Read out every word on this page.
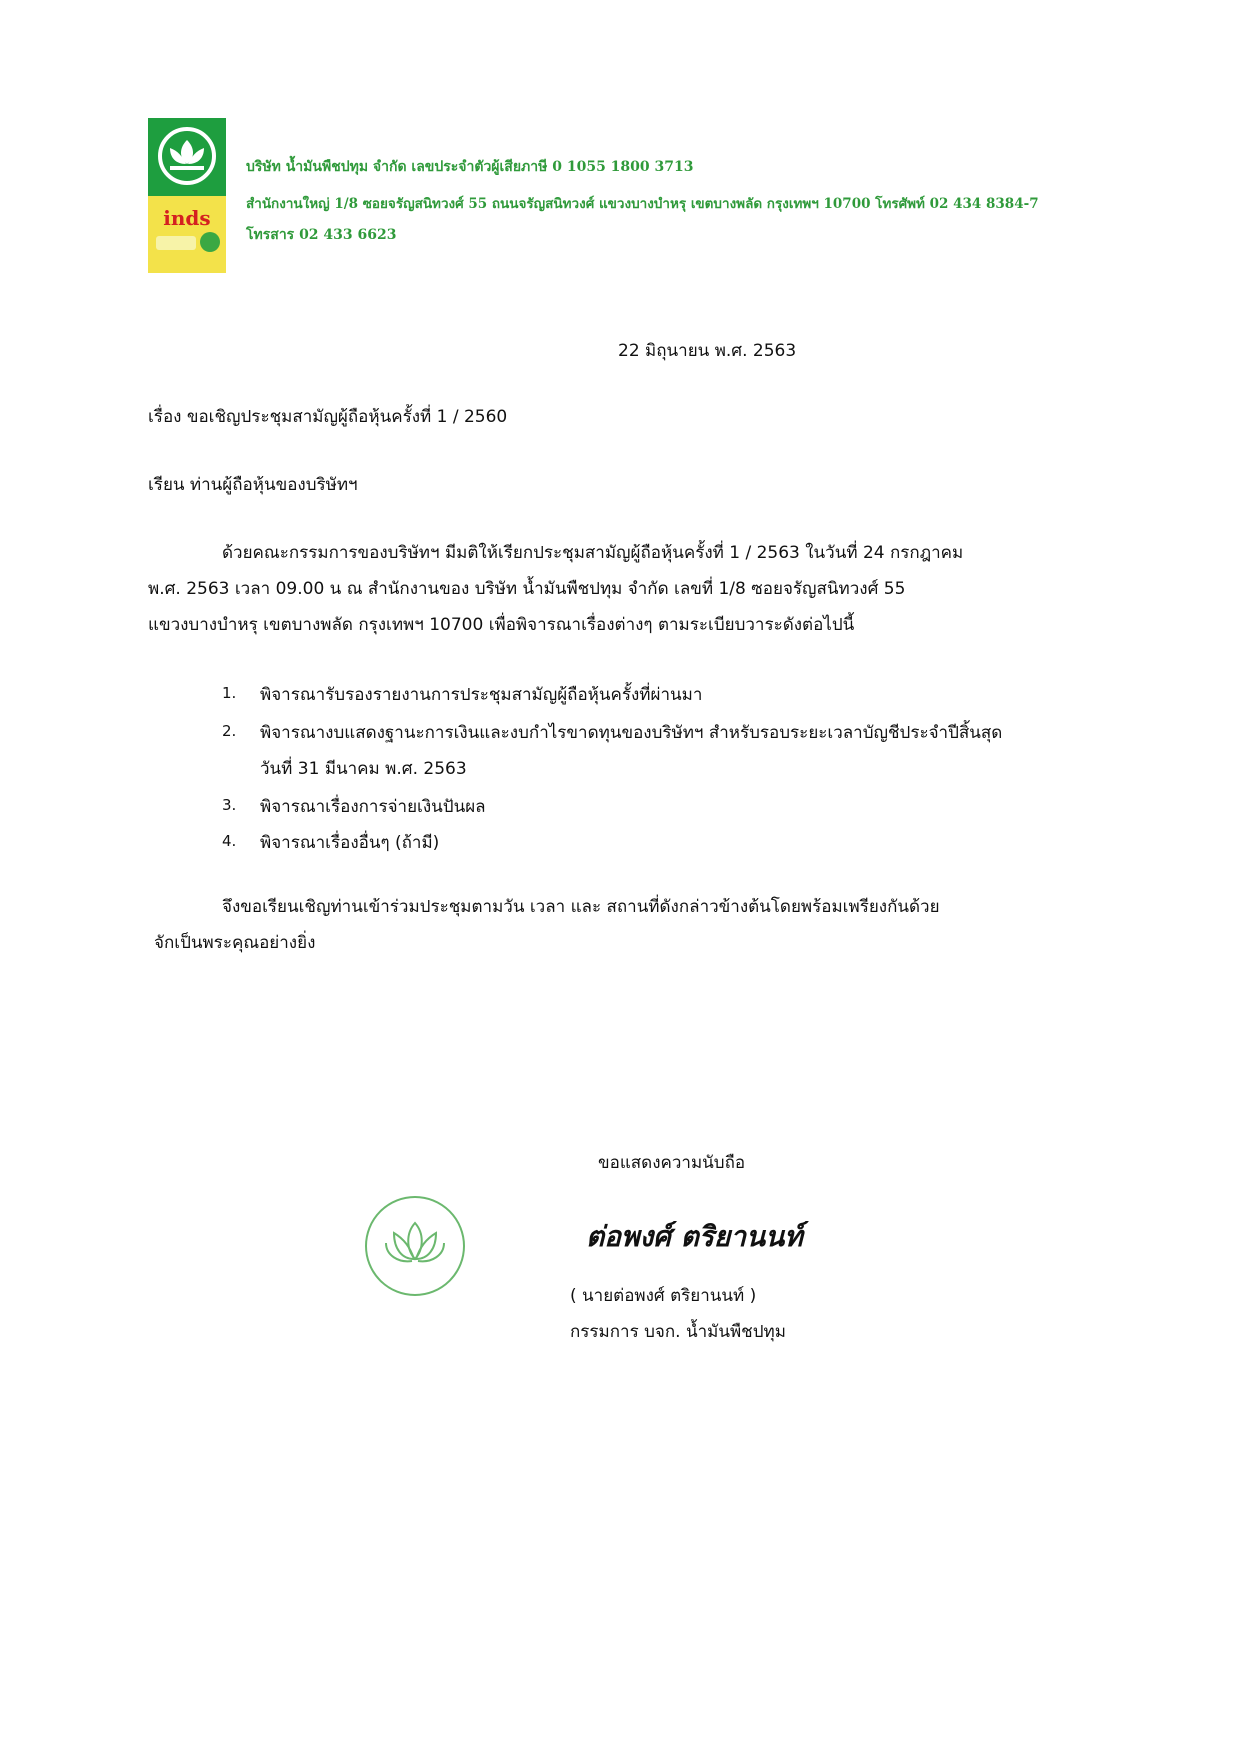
inds
บริษัท น้ำมันพืชปทุม จำกัด เลขประจำตัวผู้เสียภาษี 0 1055 1800 3713
สำนักงานใหญ่ 1/8 ซอยจรัญสนิทวงศ์ 55 ถนนจรัญสนิทวงศ์ แขวงบางบำหรุ เขตบางพลัด กรุงเทพฯ 10700 โทรศัพท์ 02 434 8384-7
โทรสาร 02 433 6623
22 มิถุนายน พ.ศ. 2563
เรื่อง ขอเชิญประชุมสามัญผู้ถือหุ้นครั้งที่ 1 / 2560
เรียน ท่านผู้ถือหุ้นของบริษัทฯ
ด้วยคณะกรรมการของบริษัทฯ มีมติให้เรียกประชุมสามัญผู้ถือหุ้นครั้งที่ 1 / 2563 ในวันที่ 24 กรกฎาคม
พ.ศ. 2563 เวลา 09.00 น ณ สำนักงานของ บริษัท น้ำมันพืชปทุม จำกัด เลขที่ 1/8 ซอยจรัญสนิทวงศ์ 55
แขวงบางบำหรุ เขตบางพลัด กรุงเทพฯ 10700 เพื่อพิจารณาเรื่องต่างๆ ตามระเบียบวาระดังต่อไปนี้
1. พิจารณารับรองรายงานการประชุมสามัญผู้ถือหุ้นครั้งที่ผ่านมา
2. พิจารณางบแสดงฐานะการเงินและงบกำไรขาดทุนของบริษัทฯ สำหรับรอบระยะเวลาบัญชีประจำปีสิ้นสุด
วันที่ 31 มีนาคม พ.ศ. 2563
3. พิจารณาเรื่องการจ่ายเงินปันผล
4. พิจารณาเรื่องอื่นๆ (ถ้ามี)
จึงขอเรียนเชิญท่านเข้าร่วมประชุมตามวัน เวลา และ สถานที่ดังกล่าวข้างต้นโดยพร้อมเพรียงกันด้วย
จักเป็นพระคุณอย่างยิ่ง
ขอแสดงความนับถือ
ต่อพงศ์ ตริยานนท์
( นายต่อพงศ์ ตริยานนท์ )
กรรมการ บจก. น้ำมันพืชปทุม
